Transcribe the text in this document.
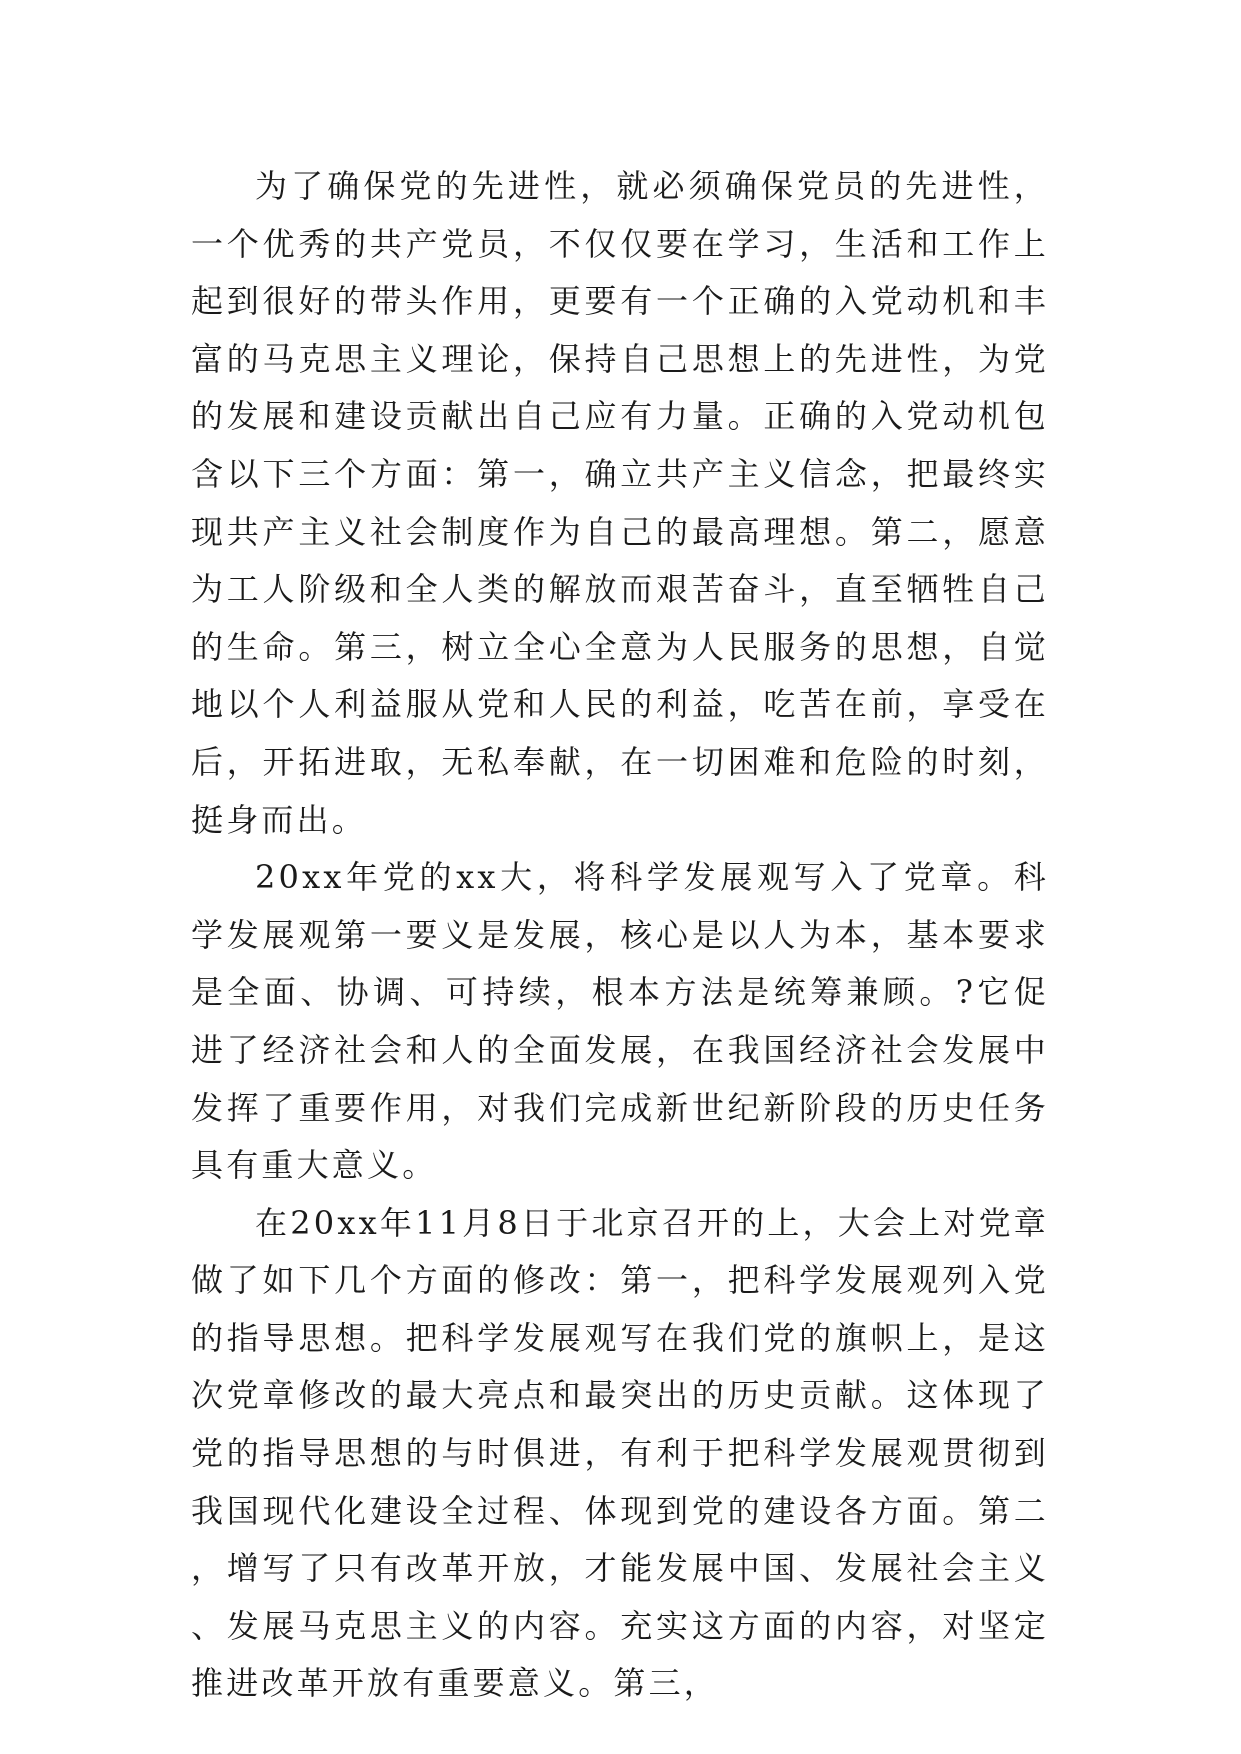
为了确保党的先进性，就必须确保党员的先进性，一个优秀的共产党员，不仅仅要在学习，生活和工作上起到很好的带头作用，更要有一个正确的入党动机和丰富的马克思主义理论，保持自己思想上的先进性，为党的发展和建设贡献出自己应有力量。正确的入党动机包含以下三个方面：第一，确立共产主义信念，把最终实现共产主义社会制度作为自己的最高理想。第二，愿意为工人阶级和全人类的解放而艰苦奋斗，直至牺牲自己的生命。第三，树立全心全意为人民服务的思想，自觉地以个人利益服从党和人民的利益，吃苦在前，享受在后，开拓进取，无私奉献，在一切困难和危险的时刻，挺身而出。

20xx年党的xx大，将科学发展观写入了党章。科学发展观第一要义是发展，核心是以人为本，基本要求是全面、协调、可持续，根本方法是统筹兼顾。?它促进了经济社会和人的全面发展，在我国经济社会发展中发挥了重要作用，对我们完成新世纪新阶段的历史任务具有重大意义。

在20xx年11月8日于北京召开的上，大会上对党章做了如下几个方面的修改：第一，把科学发展观列入党的指导思想。把科学发展观写在我们党的旗帜上，是这次党章修改的最大亮点和最突出的历史贡献。这体现了党的指导思想的与时俱进，有利于把科学发展观贯彻到我国现代化建设全过程、体现到党的建设各方面。第二，增写了只有改革开放，才能发展中国、发展社会主义、发展马克思主义的内容。充实这方面的内容，对坚定推进改革开放有重要意义。第三，
